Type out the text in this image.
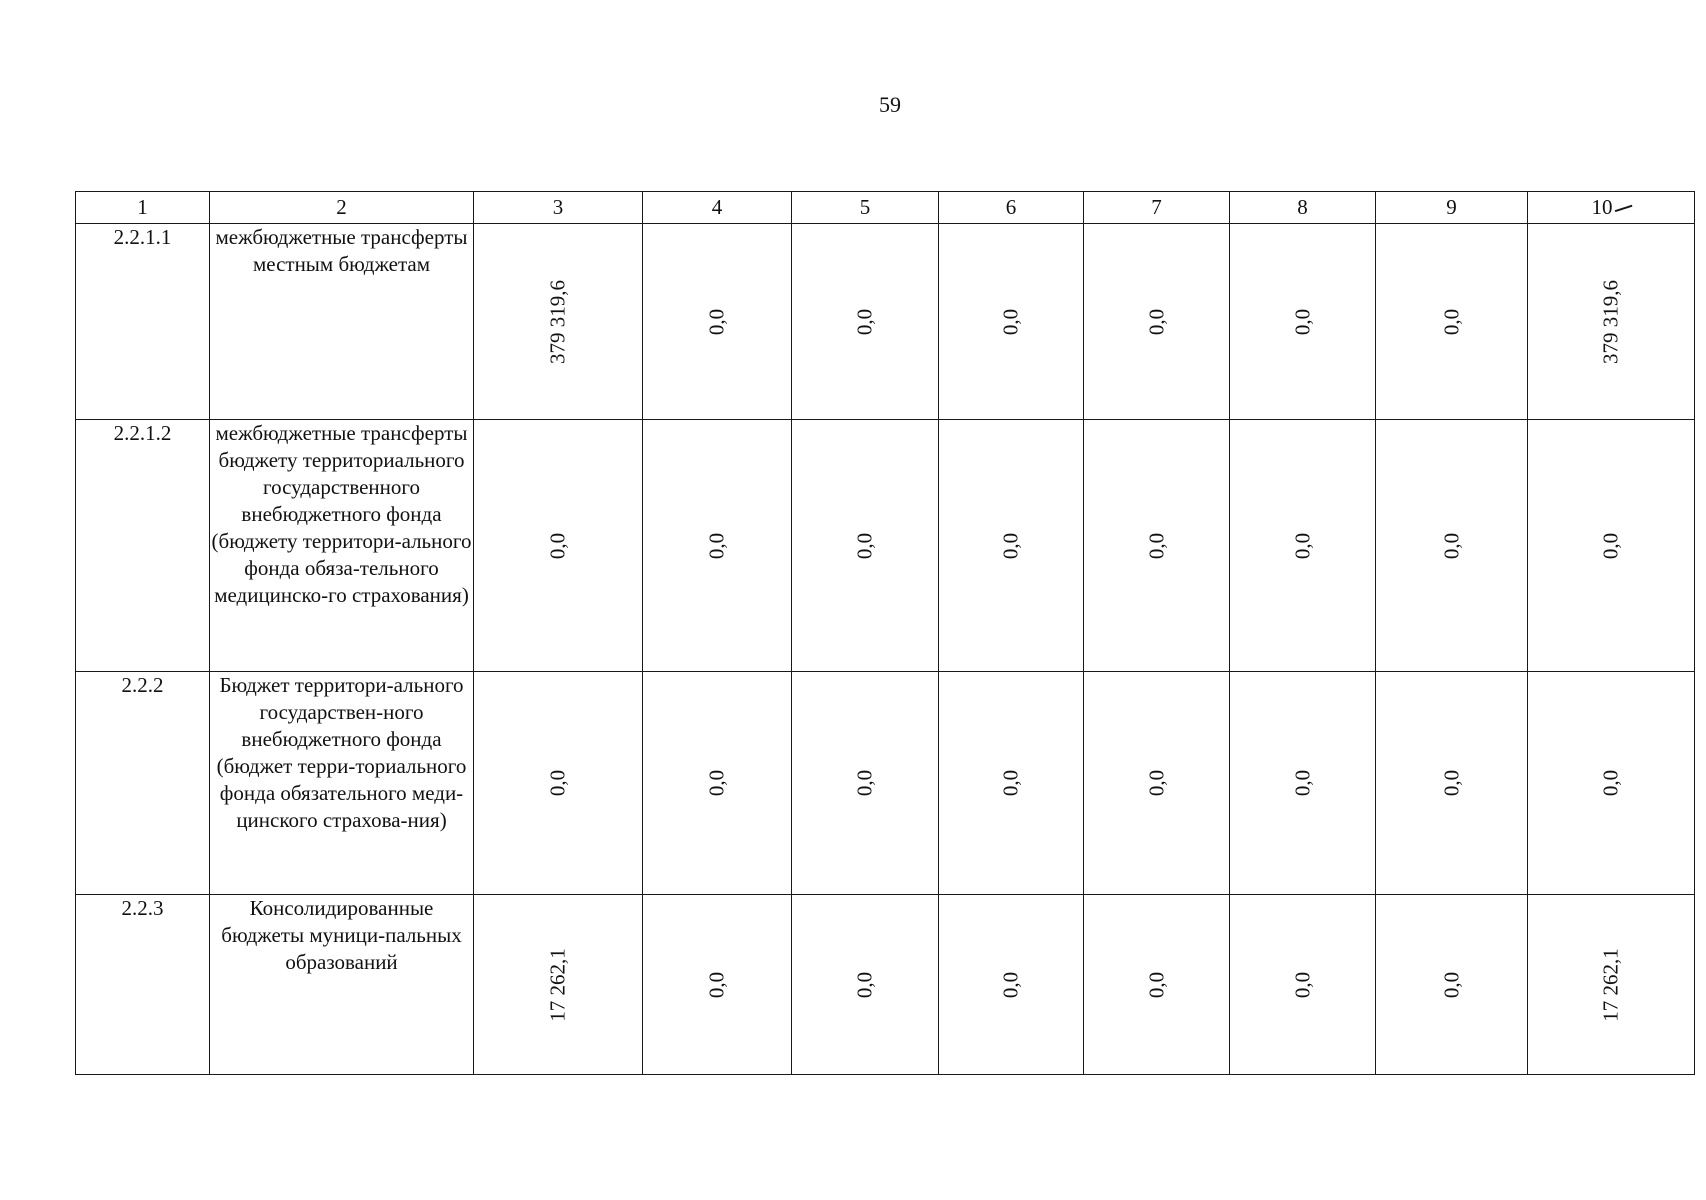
59
1	2	3	4	5	6	7	8	9	10
2.2.1.1	межбюджетные трансферты местным бюджетам	379 319,6	0,0	0,0	0,0	0,0	0,0	0,0	379 319,6

2.2.1.2	межбюджетные трансферты бюджету территориального государственного внебюджетного фонда (бюджету территори-ального фонда обяза-тельного медицинско-го страхования)	0,0	0,0	0,0	0,0	0,0	0,0	0,0	0,0

2.2.2	Бюджет территори-ального государствен-ного внебюджетного фонда (бюджет терри-ториального фонда обязательного меди-цинского страхова-ния)	0,0	0,0	0,0	0,0	0,0	0,0	0,0	0,0

2.2.3	Консолидированные бюджеты муници-пальных образований	17 262,1	0,0	0,0	0,0	0,0	0,0	0,0	17 262,1
